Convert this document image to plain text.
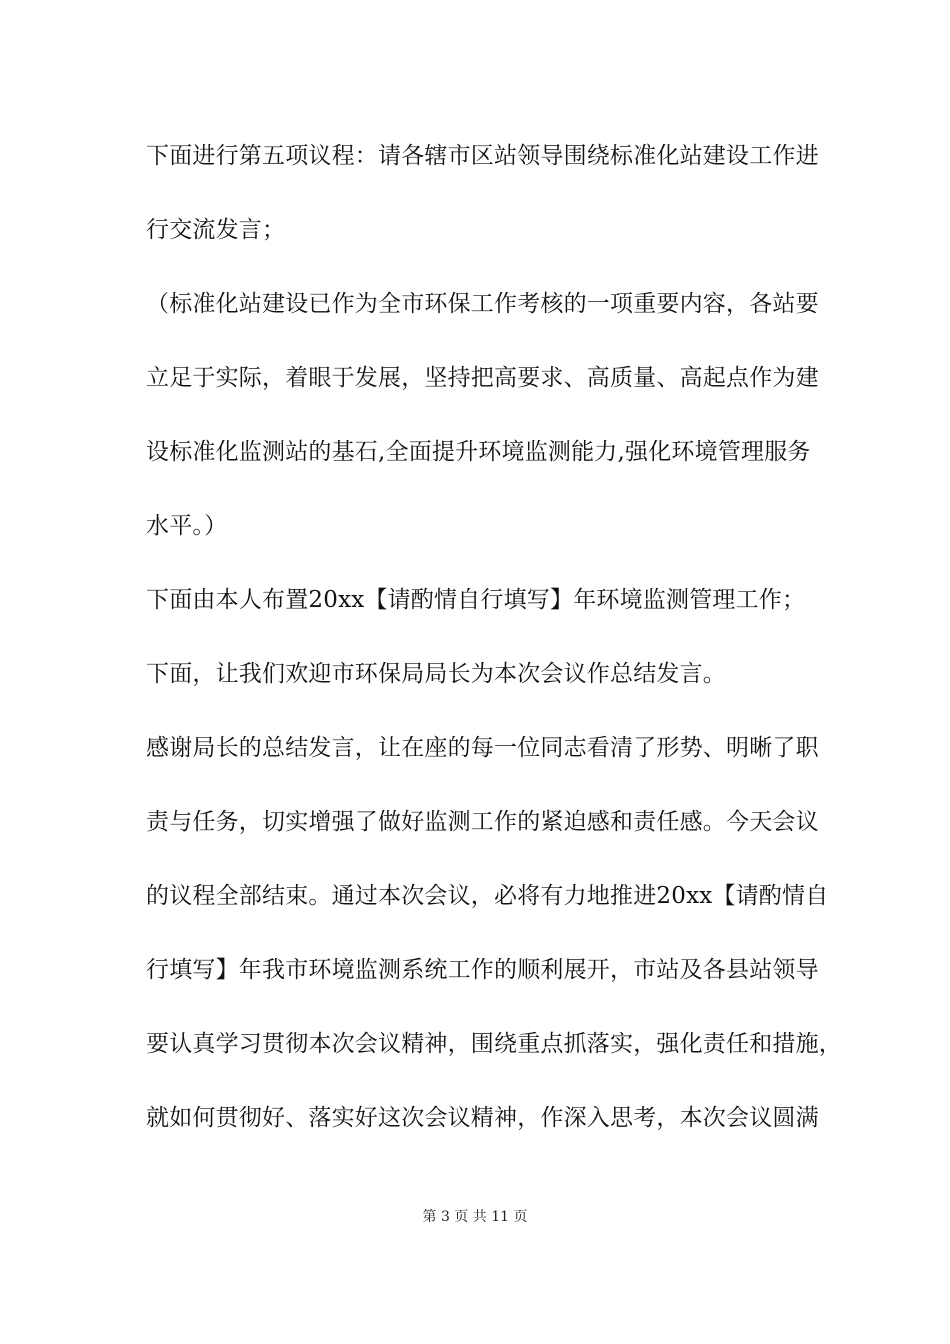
下面进行第五项议程：请各辖市区站领导围绕标准化站建设工作进
行交流发言；
（标准化站建设已作为全市环保工作考核的一项重要内容，各站要
立足于实际，着眼于发展，坚持把高要求、高质量、高起点作为建
设标准化监测站的基石,全面提升环境监测能力,强化环境管理服务
水平。）
下面由本人布置20xx【请酌情自行填写】年环境监测管理工作；
下面，让我们欢迎市环保局局长为本次会议作总结发言。
感谢局长的总结发言，让在座的每一位同志看清了形势、明晰了职
责与任务，切实增强了做好监测工作的紧迫感和责任感。今天会议
的议程全部结束。通过本次会议，必将有力地推进20xx【请酌情自
行填写】年我市环境监测系统工作的顺利展开，市站及各县站领导
要认真学习贯彻本次会议精神，围绕重点抓落实，强化责任和措施，
就如何贯彻好、落实好这次会议精神，作深入思考，本次会议圆满
第 3 页 共 11 页
